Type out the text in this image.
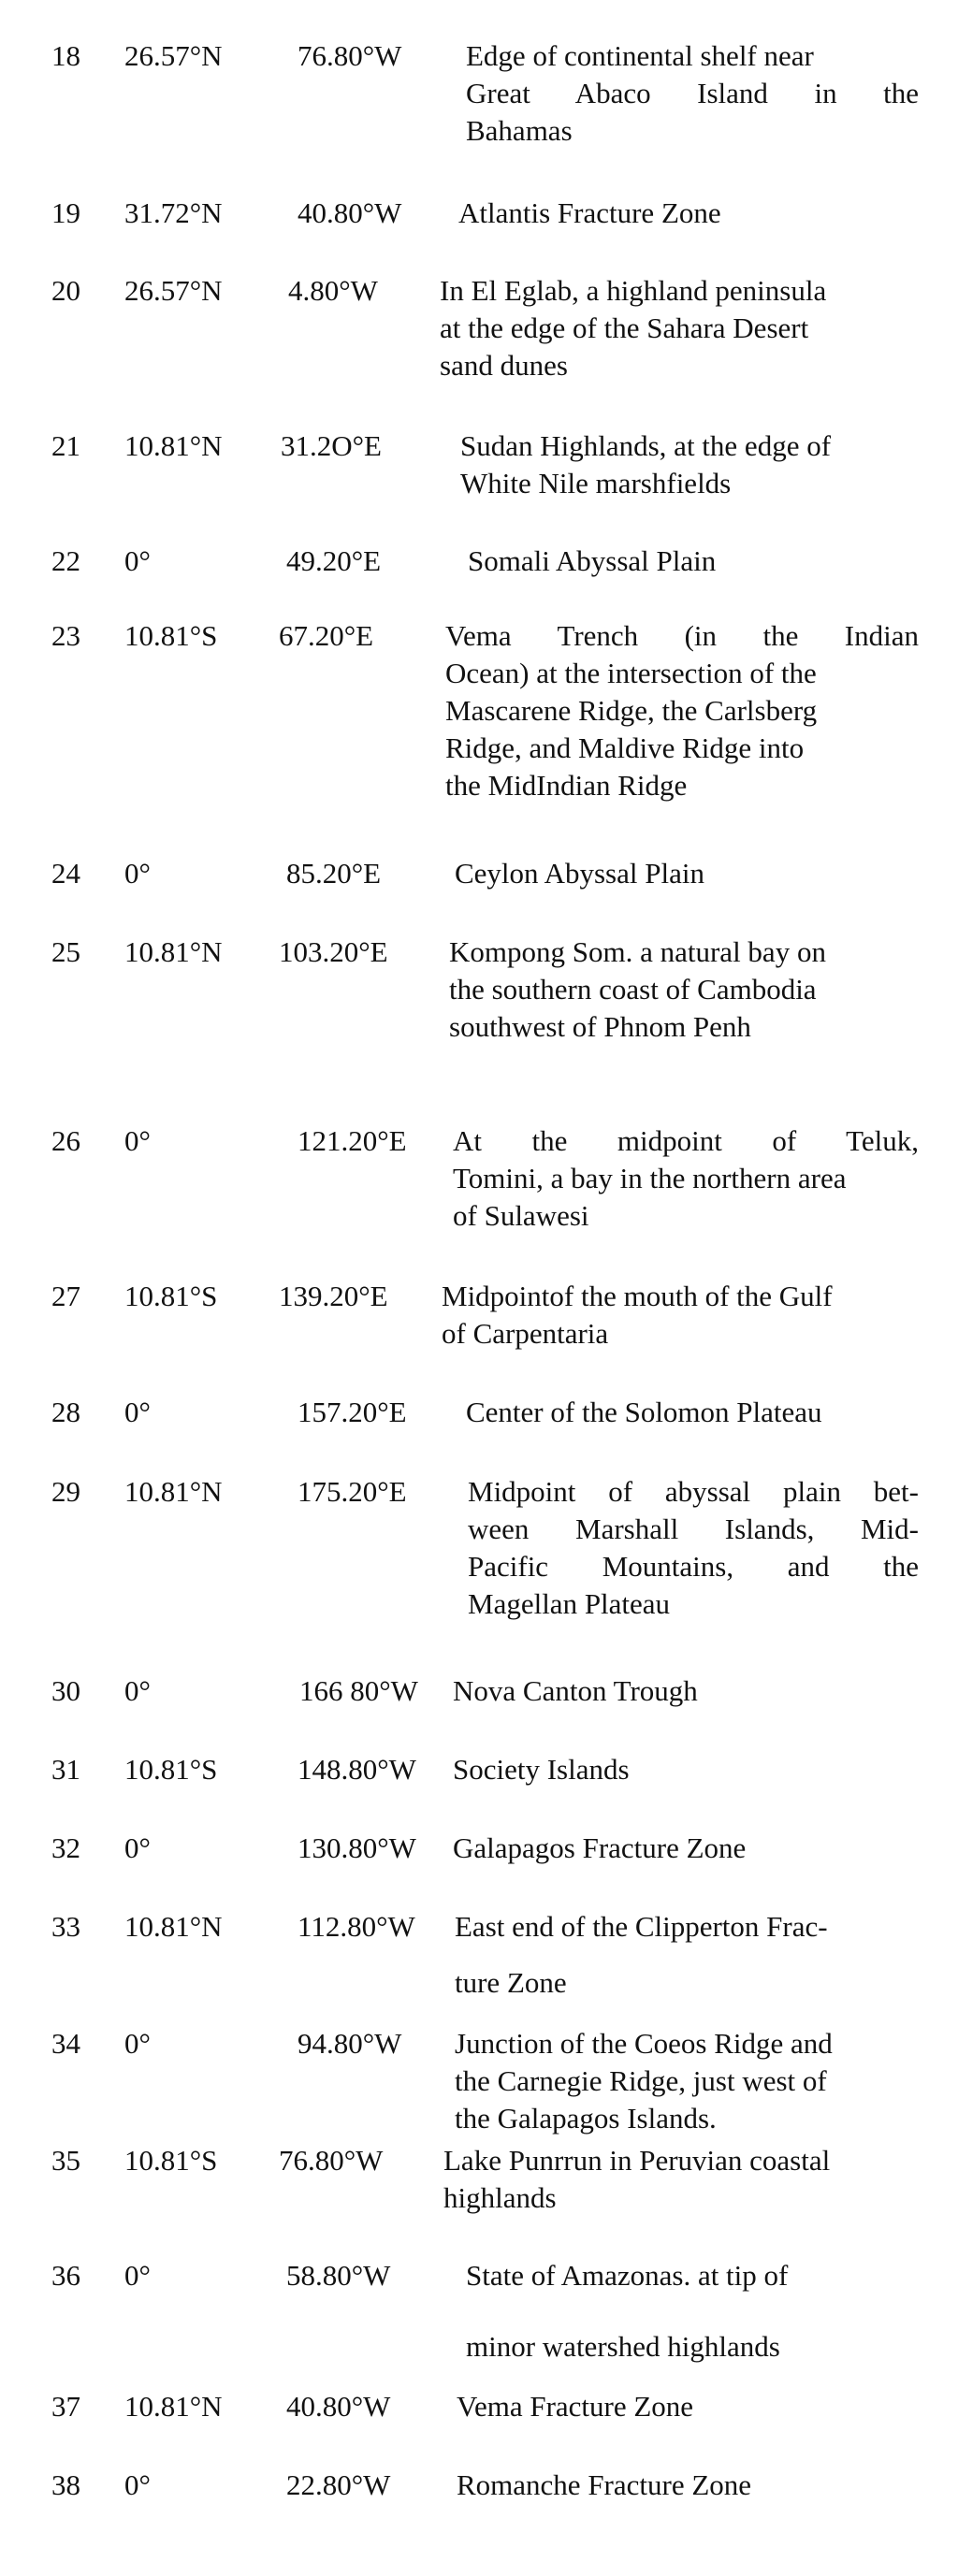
18 26.57°N	76.80°W Edge of continental shelf near
Great Abaco Island in the
Bahamas
19 31.72°N	40.80°W Atlantis Fracture Zone
20 26.57°N 4.80°W In El Eglab, a highland peninsula
at the edge of the Sahara Desert
sand dunes
21 10.81°N 31.2O°E	Sudan Highlands, at the edge of
White Nile marshfields
22 0°	49.20°E	Somali Abyssal Plain
23 10.81°S 67.20°E Vema Trench (in the Indian
Ocean) at the intersection of the
Mascarene Ridge, the Carlsberg
Ridge, and Maldive Ridge into
the MidIndian Ridge
24 0°	85.20°E	Ceylon Abyssal Plain
25 10.81°N 103.20°E Kompong Som. a natural bay on
the southern coast of Cambodia
southwest of Phnom Penh
26 0°	121.20°E At the midpoint of Teluk,
Tomini, a bay in the northern area
of Sulawesi
27 10.81°S 139.20°E Midpointof the mouth of the Gulf
of Carpentaria
28 0°	157.20°E Center of the Solomon Plateau
29 10.81°N	175.20°E Midpoint of abyssal plain bet-
ween Marshall Islands, Mid-
Pacific Mountains, and the
Magellan Plateau
30 0°	166 80°W Nova Canton Trough
31 10.81°S	148.80°W Society Islands
32 0°	130.80°W Galapagos Fracture Zone
33 10.81°N	112.80°W East end of the Clipperton Frac-
ture Zone
34 0°	94.80°W Junction of the Coeos Ridge and
the Carnegie Ridge, just west of
the Galapagos Islands.
35 10.81°S 76.80°W Lake Punrrun in Peruvian coastal
highlands
36 0°	58.80°W	State of Amazonas. at tip of
minor watershed highlands
37 10.81°N 40.80°W Vema Fracture Zone
38 0°	22.80°W Romanche Fracture Zone
